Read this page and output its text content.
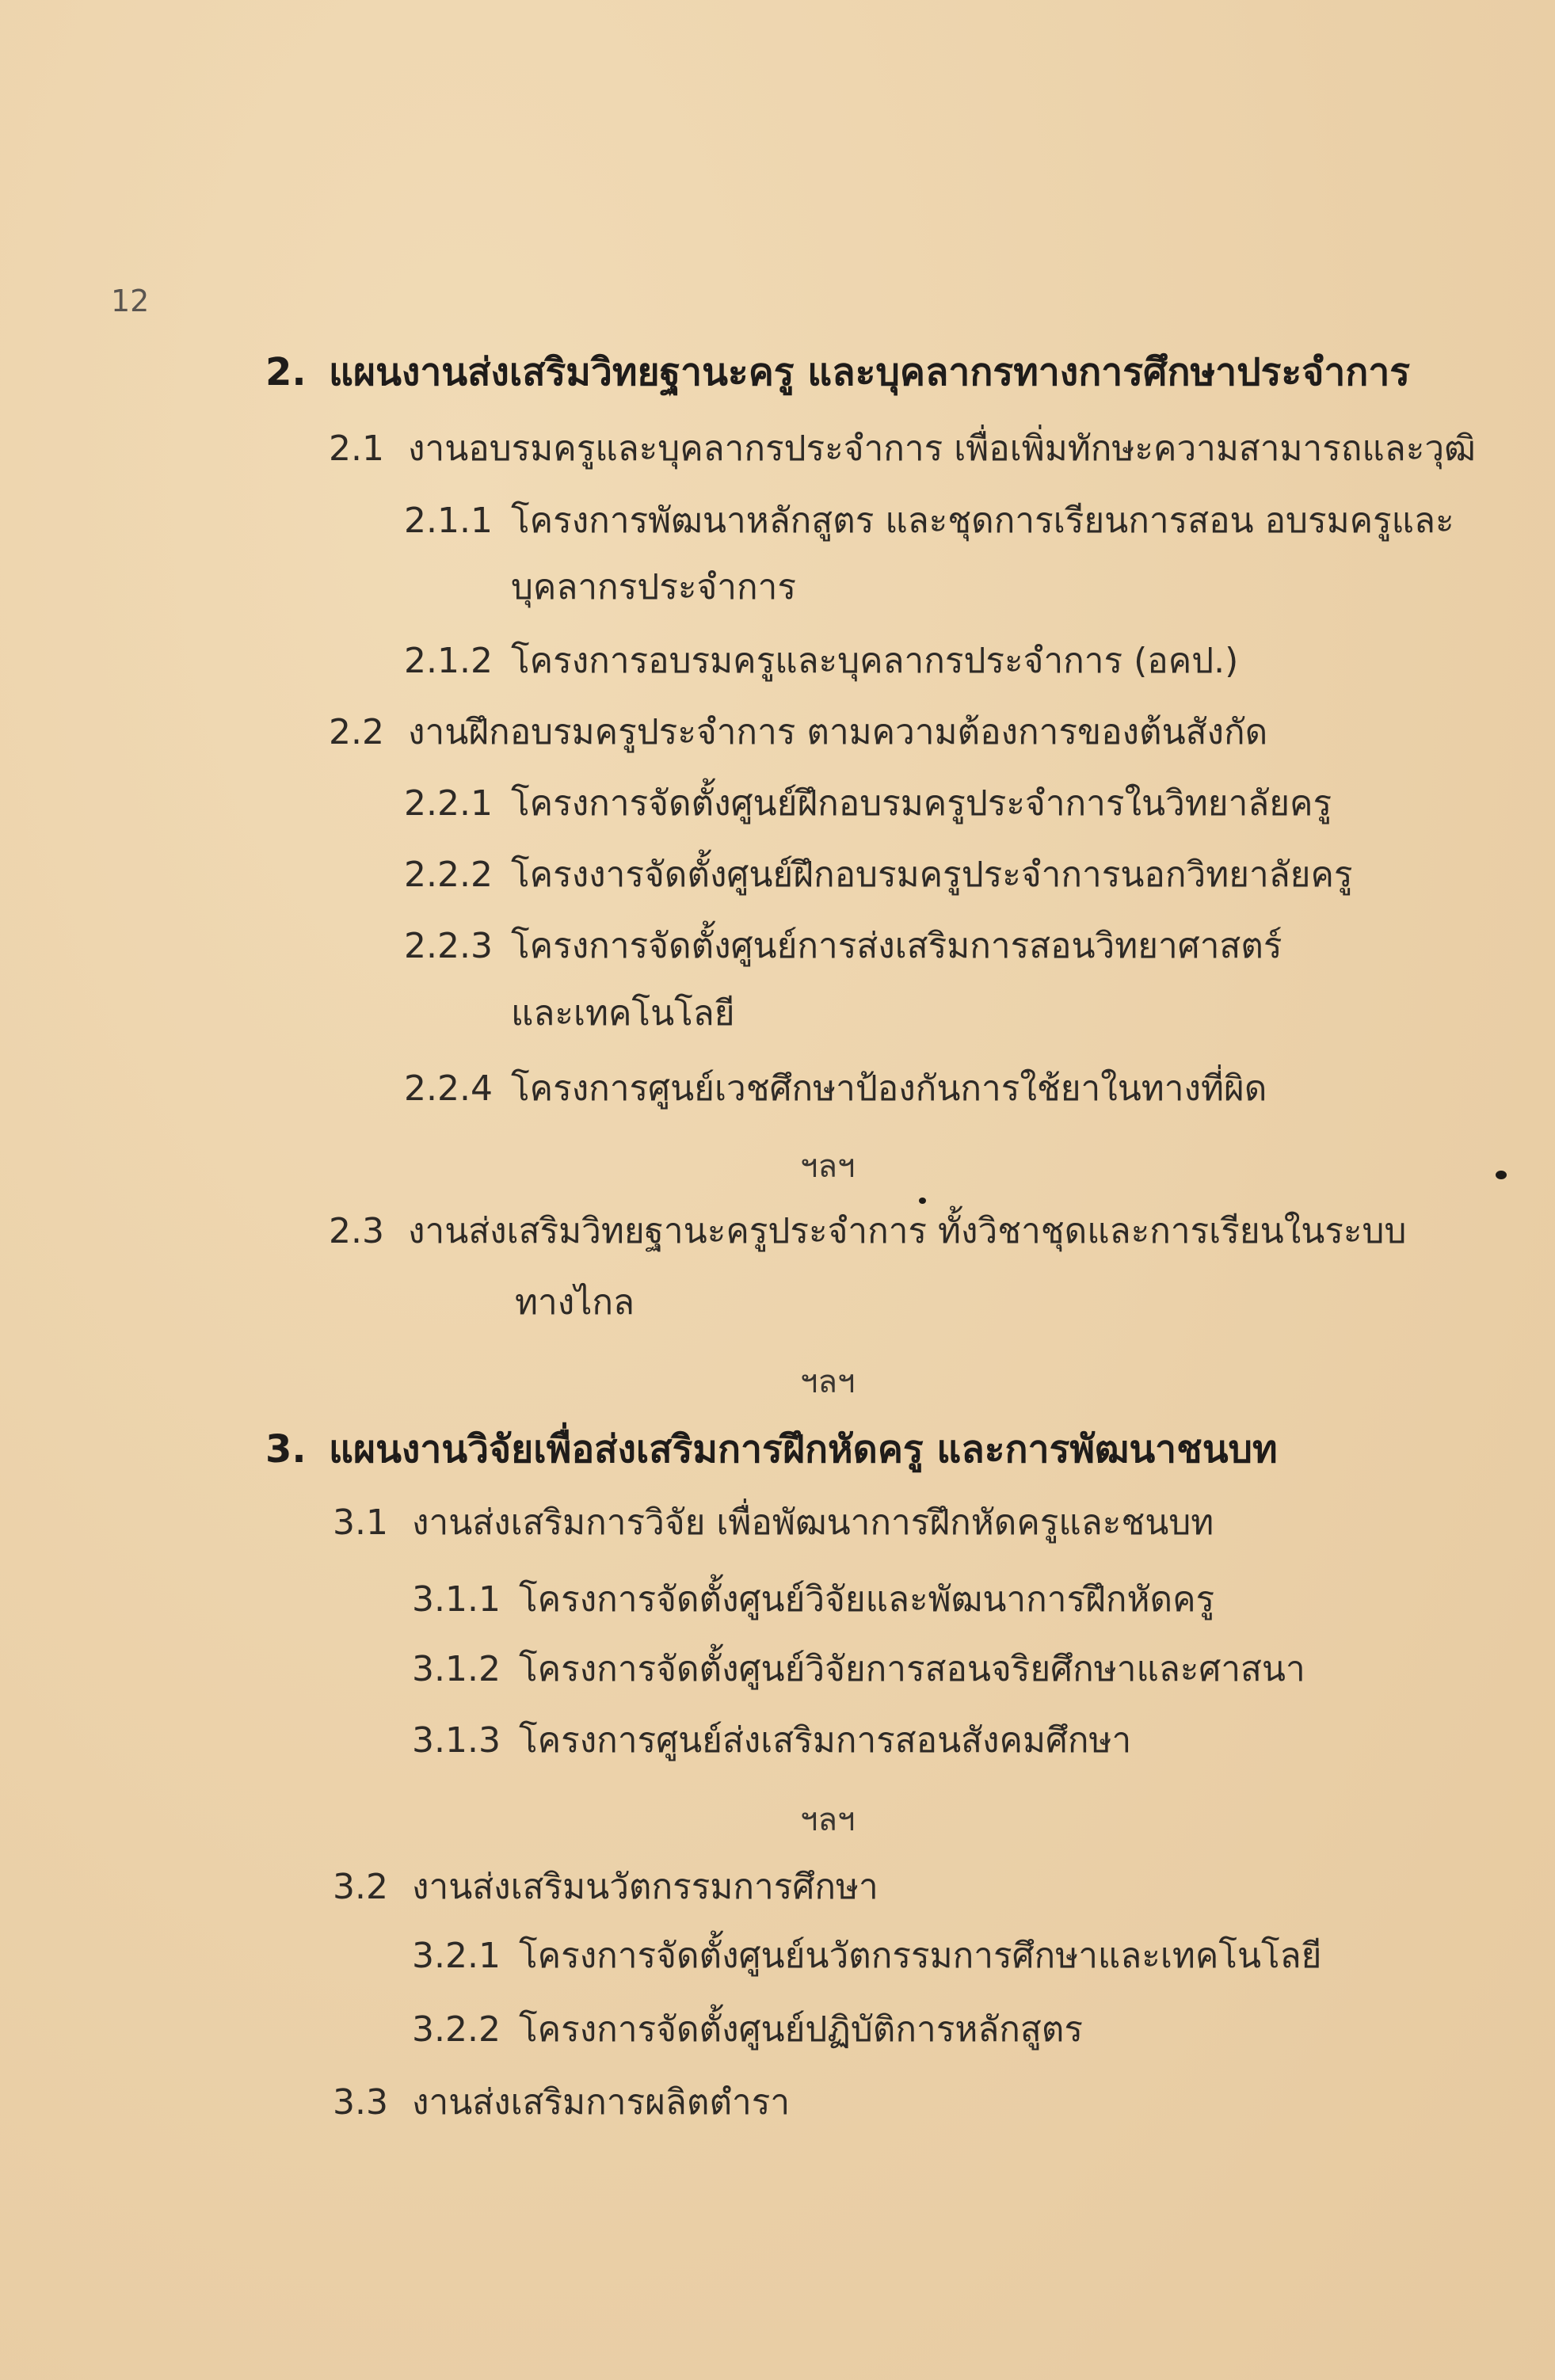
12
2. แผนงานส่งเสริมวิทยฐานะครู และบุคลากรทางการศึกษาประจำการ
2.1 งานอบรมครูและบุคลากรประจำการ เพื่อเพิ่มทักษะความสามารถและวุฒิ
2.1.1 โครงการพัฒนาหลักสูตร และชุดการเรียนการสอน อบรมครูและ
บุคลากรประจำการ
2.1.2 โครงการอบรมครูและบุคลากรประจำการ (อคป.)
2.2 งานฝึกอบรมครูประจำการ ตามความต้องการของต้นสังกัด
2.2.1 โครงการจัดตั้งศูนย์ฝึกอบรมครูประจำการในวิทยาลัยครู
2.2.2 โครงงารจัดตั้งศูนย์ฝึกอบรมครูประจำการนอกวิทยาลัยครู
2.2.3 โครงการจัดตั้งศูนย์การส่งเสริมการสอนวิทยาศาสตร์
และเทคโนโลยี
2.2.4 โครงการศูนย์เวชศึกษาป้องกันการใช้ยาในทางที่ผิด
ฯลฯ
2.3 งานส่งเสริมวิทยฐานะครูประจำการ ทั้งวิชาชุดและการเรียนในระบบ
ทางไกล
ฯลฯ
3. แผนงานวิจัยเพื่อส่งเสริมการฝึกหัดครู และการพัฒนาชนบท
3.1 งานส่งเสริมการวิจัย เพื่อพัฒนาการฝึกหัดครูและชนบท
3.1.1 โครงการจัดตั้งศูนย์วิจัยและพัฒนาการฝึกหัดครู
3.1.2 โครงการจัดตั้งศูนย์วิจัยการสอนจริยศึกษาและศาสนา
3.1.3 โครงการศูนย์ส่งเสริมการสอนสังคมศึกษา
ฯลฯ
3.2 งานส่งเสริมนวัตกรรมการศึกษา
3.2.1 โครงการจัดตั้งศูนย์นวัตกรรมการศึกษาและเทคโนโลยี
3.2.2 โครงการจัดตั้งศูนย์ปฏิบัติการหลักสูตร
3.3 งานส่งเสริมการผลิตตำรา
